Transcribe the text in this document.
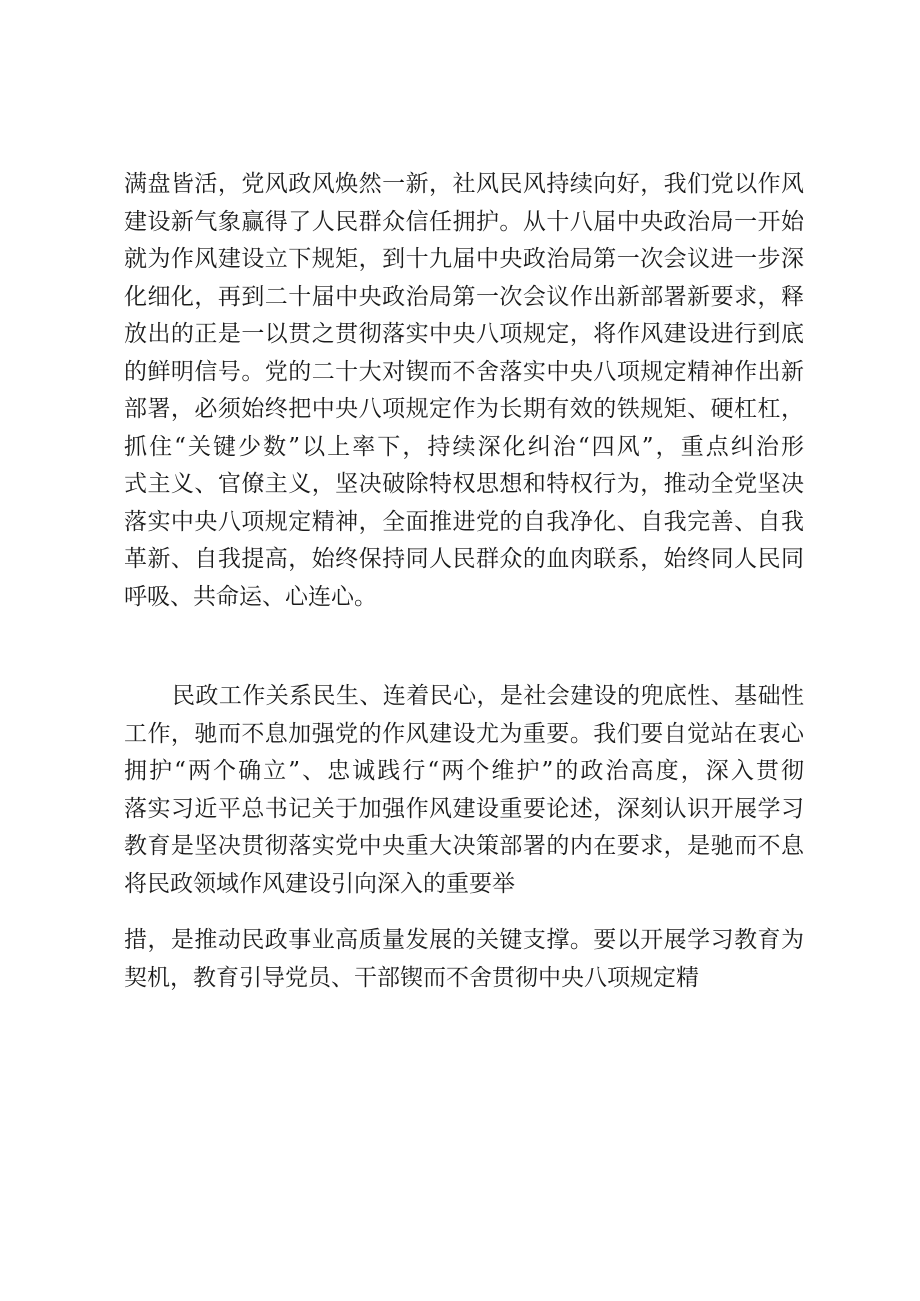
满盘皆活，党风政风焕然一新，社风民风持续向好，我们党以作风
建设新气象赢得了人民群众信任拥护。从十八届中央政治局一开始
就为作风建设立下规矩，到十九届中央政治局第一次会议进一步深
化细化，再到二十届中央政治局第一次会议作出新部署新要求，释
放出的正是一以贯之贯彻落实中央八项规定，将作风建设进行到底
的鲜明信号。党的二十大对锲而不舍落实中央八项规定精神作出新
部署，必须始终把中央八项规定作为长期有效的铁规矩、硬杠杠，
抓住“关键少数”以上率下，持续深化纠治“四风”，重点纠治形
式主义、官僚主义，坚决破除特权思想和特权行为，推动全党坚决
落实中央八项规定精神，全面推进党的自我净化、自我完善、自我
革新、自我提高，始终保持同人民群众的血肉联系，始终同人民同
呼吸、共命运、心连心。
民政工作关系民生、连着民心，是社会建设的兜底性、基础性
工作，驰而不息加强党的作风建设尤为重要。我们要自觉站在衷心
拥护“两个确立”、忠诚践行“两个维护”的政治高度，深入贯彻
落实习近平总书记关于加强作风建设重要论述，深刻认识开展学习
教育是坚决贯彻落实党中央重大决策部署的内在要求，是驰而不息
将民政领域作风建设引向深入的重要举
措，是推动民政事业高质量发展的关键支撑。要以开展学习教育为
契机，教育引导党员、干部锲而不舍贯彻中央八项规定精
